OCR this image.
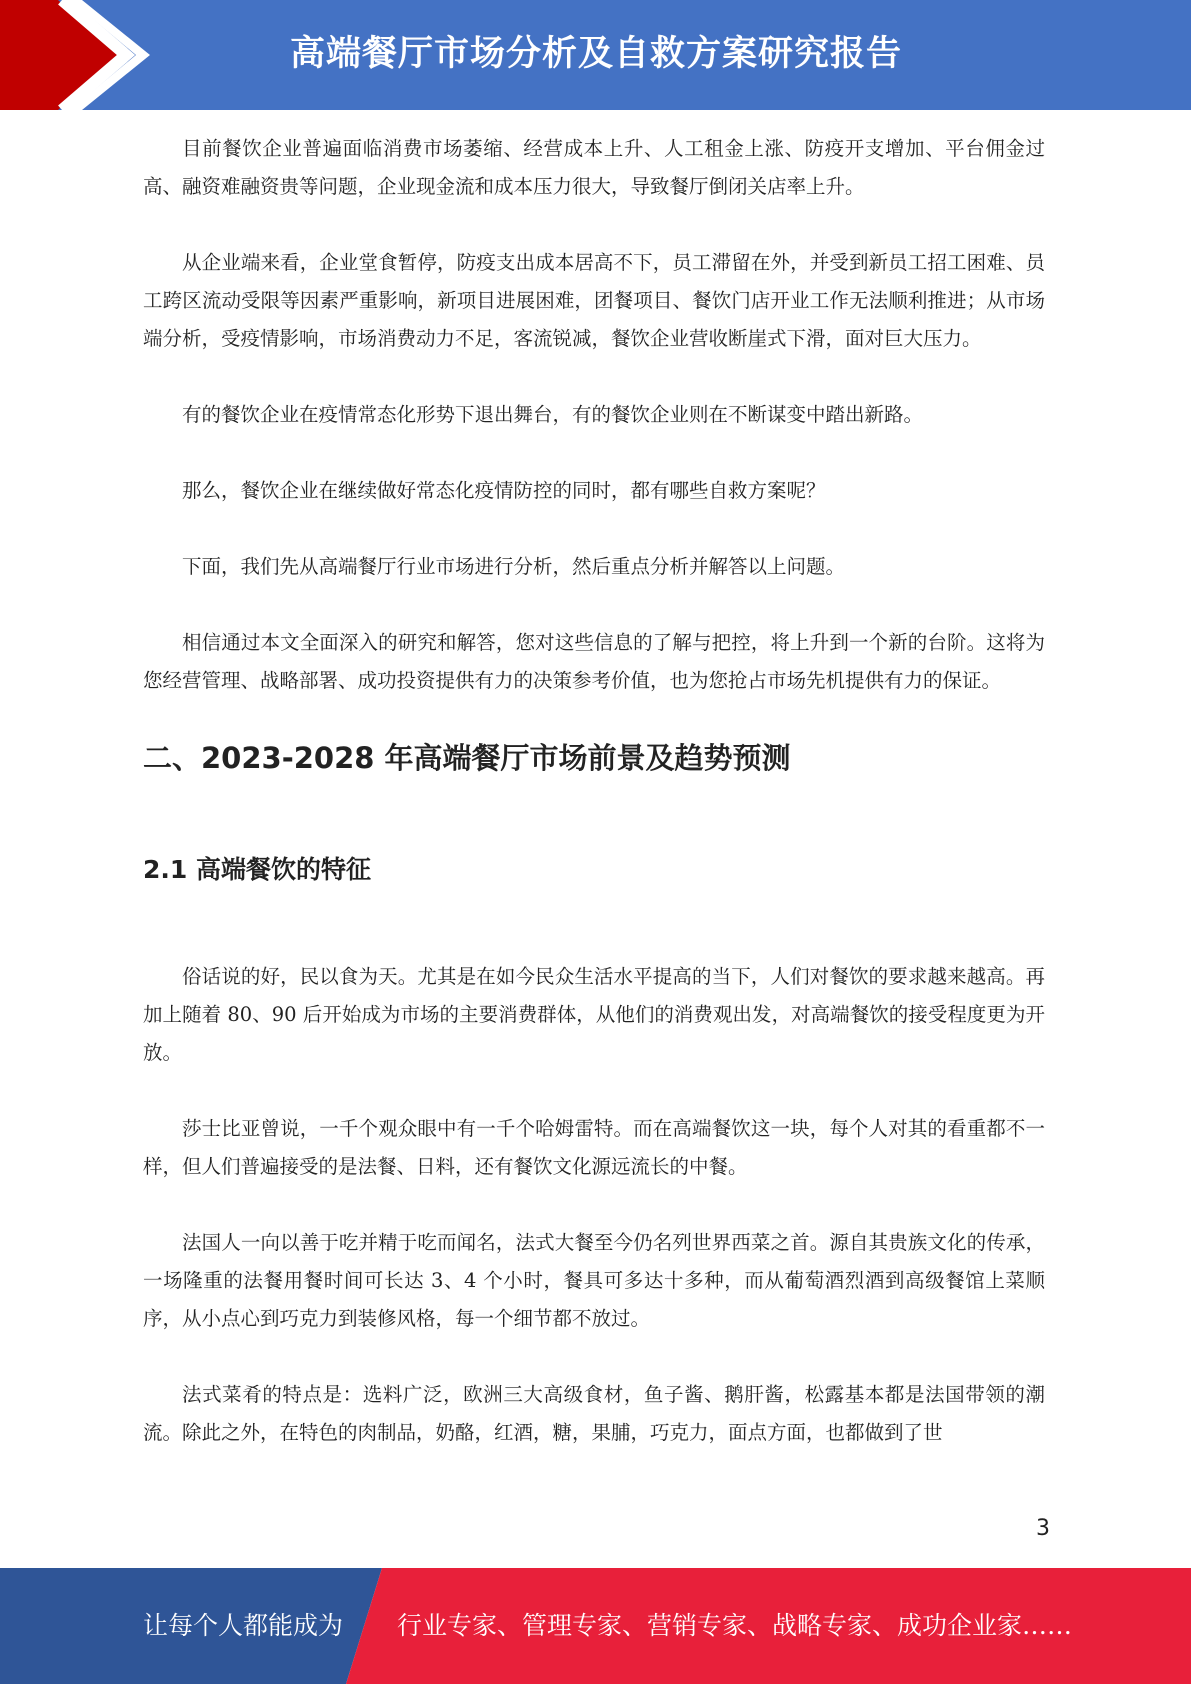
高端餐厅市场分析及自救方案研究报告

目前餐饮企业普遍面临消费市场萎缩、经营成本上升、人工租金上涨、防疫开支增加、平台佣金过高、融资难融资贵等问题，企业现金流和成本压力很大，导致餐厅倒闭关店率上升。

从企业端来看，企业堂食暂停，防疫支出成本居高不下，员工滞留在外，并受到新员工招工困难、员工跨区流动受限等因素严重影响，新项目进展困难，团餐项目、餐饮门店开业工作无法顺利推进；从市场端分析，受疫情影响，市场消费动力不足，客流锐减，餐饮企业营收断崖式下滑，面对巨大压力。

有的餐饮企业在疫情常态化形势下退出舞台，有的餐饮企业则在不断谋变中踏出新路。

那么，餐饮企业在继续做好常态化疫情防控的同时，都有哪些自救方案呢？

下面，我们先从高端餐厅行业市场进行分析，然后重点分析并解答以上问题。

相信通过本文全面深入的研究和解答，您对这些信息的了解与把控，将上升到一个新的台阶。这将为您经营管理、战略部署、成功投资提供有力的决策参考价值，也为您抢占市场先机提供有力的保证。

二、2023-2028 年高端餐厅市场前景及趋势预测
2.1 高端餐饮的特征

俗话说的好，民以食为天。尤其是在如今民众生活水平提高的当下，人们对餐饮的要求越来越高。再加上随着 80、90 后开始成为市场的主要消费群体，从他们的消费观出发，对高端餐饮的接受程度更为开放。

莎士比亚曾说，一千个观众眼中有一千个哈姆雷特。而在高端餐饮这一块，每个人对其的看重都不一样，但人们普遍接受的是法餐、日料，还有餐饮文化源远流长的中餐。

法国人一向以善于吃并精于吃而闻名，法式大餐至今仍名列世界西菜之首。源自其贵族文化的传承，一场隆重的法餐用餐时间可长达 3、4 个小时，餐具可多达十多种，而从葡萄酒烈酒到高级餐馆上菜顺序，从小点心到巧克力到装修风格，每一个细节都不放过。

法式菜肴的特点是：选料广泛，欧洲三大高级食材，鱼子酱、鹅肝酱，松露基本都是法国带领的潮流。除此之外，在特色的肉制品，奶酪，红酒，糖，果脯，巧克力，面点方面，也都做到了世

3
让每个人都能成为 行业专家、管理专家、营销专家、战略专家、成功企业家……
